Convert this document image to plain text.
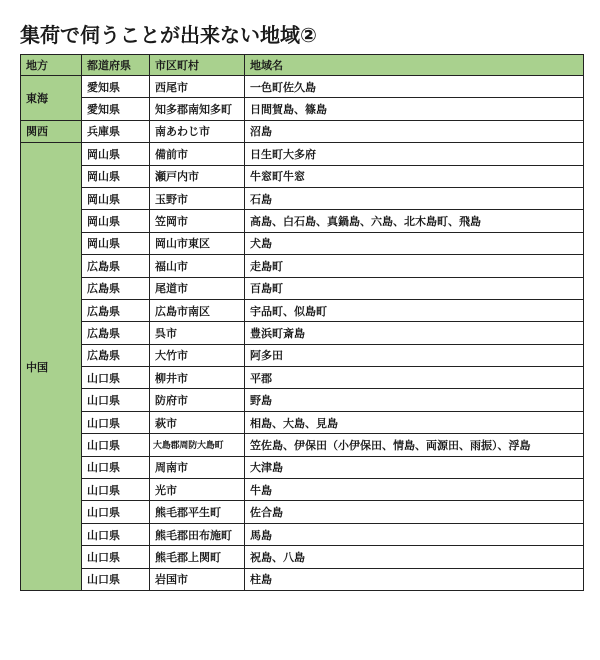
集荷で伺うことが出来ない地域②
地方	都道府県	市区町村	地域名
東海	愛知県	西尾市	一色町佐久島
	愛知県	知多郡南知多町	日間賀島、篠島
関西	兵庫県	南あわじ市	沼島
中国	岡山県	備前市	日生町大多府
	岡山県	瀬戸内市	牛窓町牛窓
	岡山県	玉野市	石島
	岡山県	笠岡市	高島、白石島、真鍋島、六島、北木島町、飛島
	岡山県	岡山市東区	犬島
	広島県	福山市	走島町
	広島県	尾道市	百島町
	広島県	広島市南区	宇品町、似島町
	広島県	呉市	豊浜町斎島
	広島県	大竹市	阿多田
	山口県	柳井市	平郡
	山口県	防府市	野島
	山口県	萩市	相島、大島、見島
	山口県	大島郡周防大島町	笠佐島、伊保田（小伊保田、情島、両源田、雨振）、浮島
	山口県	周南市	大津島
	山口県	光市	牛島
	山口県	熊毛郡平生町	佐合島
	山口県	熊毛郡田布施町	馬島
	山口県	熊毛郡上関町	祝島、八島
	山口県	岩国市	柱島
